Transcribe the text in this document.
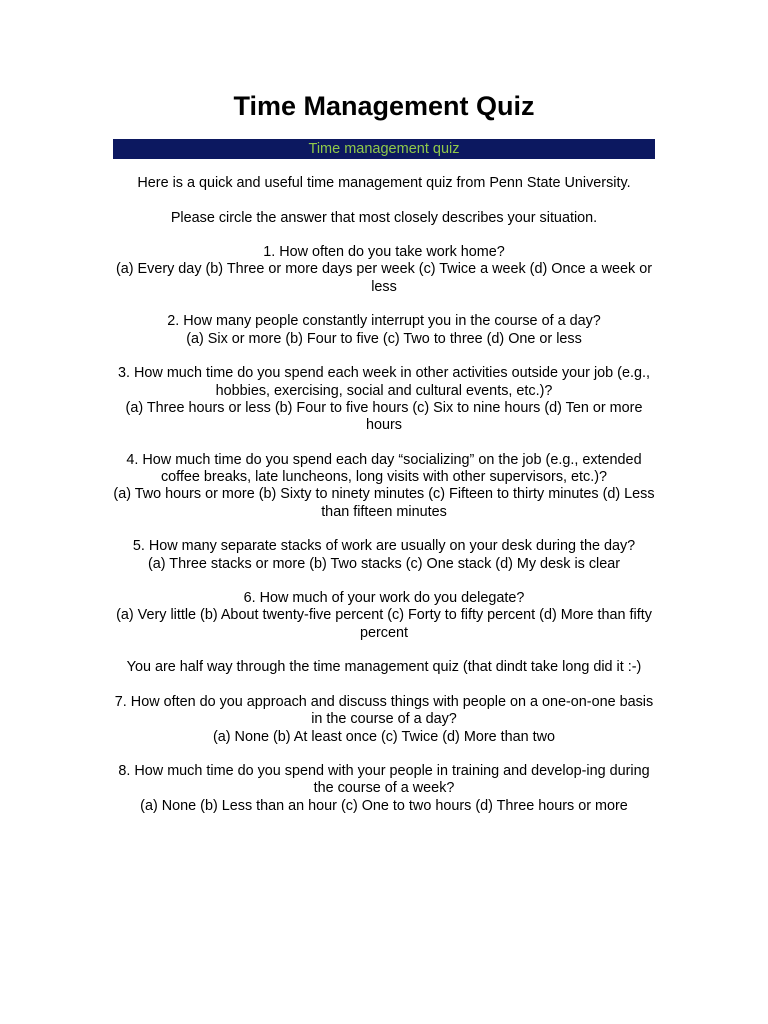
Time Management Quiz
Time management quiz

Here is a quick and useful time management quiz from Penn State University.

Please circle the answer that most closely describes your situation.

1. How often do you take work home?
(a) Every day (b) Three or more days per week (c) Twice a week (d) Once a week or less
2. How many people constantly interrupt you in the course of a day?
(a) Six or more (b) Four to five (c) Two to three (d) One or less
3. How much time do you spend each week in other activities outside your job (e.g., hobbies, exercising, social and cultural events, etc.)?
(a) Three hours or less (b) Four to five hours (c) Six to nine hours (d) Ten or more hours
4. How much time do you spend each day “socializing” on the job (e.g., extended coffee breaks, late luncheons, long visits with other supervisors, etc.)?
(a) Two hours or more (b) Sixty to ninety minutes (c) Fifteen to thirty minutes (d) Less than fifteen minutes
5. How many separate stacks of work are usually on your desk during the day?
(a) Three stacks or more (b) Two stacks (c) One stack (d) My desk is clear
6. How much of your work do you delegate?
(a) Very little (b) About twenty-five percent (c) Forty to fifty percent (d) More than fifty percent

You are half way through the time management quiz (that dindt take long did it :-)

7. How often do you approach and discuss things with people on a one-on-one basis in the course of a day?
(a) None (b) At least once (c) Twice (d) More than two
8. How much time do you spend with your people in training and develop-ing during the course of a week?
(a) None (b) Less than an hour (c) One to two hours (d) Three hours or more
